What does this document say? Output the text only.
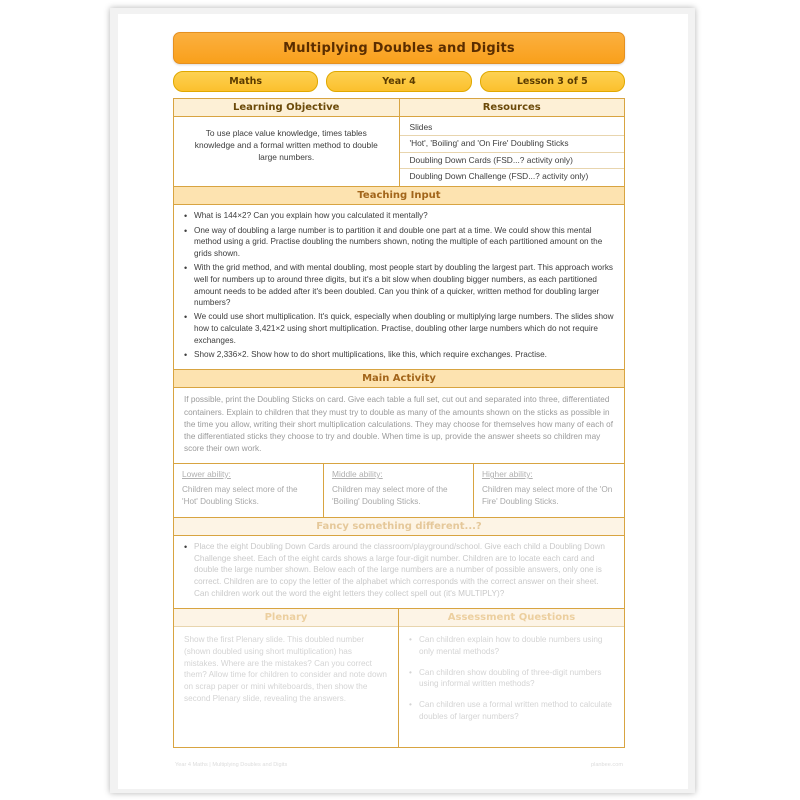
Multiplying Doubles and Digits
Maths	Year 4	Lesson 3 of 5
Learning Objective
To use place value knowledge, times tables knowledge and a formal written method to double large numbers.
Resources
Slides
'Hot', 'Boiling' and 'On Fire' Doubling Sticks
Doubling Down Cards (FSD...? activity only)
Doubling Down Challenge (FSD...? activity only)
Teaching Input
• What is 144×2? Can you explain how you calculated it mentally?
• One way of doubling a large number is to partition it and double one part at a time. We could show this mental method using a grid. Practise doubling the numbers shown, noting the multiple of each partitioned amount on the grids shown.
• With the grid method, and with mental doubling, most people start by doubling the largest part. This approach works well for numbers up to around three digits, but it's a bit slow when doubling bigger numbers, as each partitioned amount needs to be added after it's been doubled. Can you think of a quicker, written method for doubling larger numbers?
• We could use short multiplication. It's quick, especially when doubling or multiplying large numbers. The slides show how to calculate 3,421×2 using short multiplication. Practise, doubling other large numbers which do not require exchanges.
• Show 2,336×2. Show how to do short multiplications, like this, which require exchanges. Practise.
Main Activity
If possible, print the Doubling Sticks on card. Give each table a full set, cut out and separated into three, differentiated containers. Explain to children that they must try to double as many of the amounts shown on the sticks as possible in the time you allow, writing their short multiplication calculations. They may choose for themselves how many of each of the differentiated sticks they choose to try and double. When time is up, provide the answer sheets so children may score their own work.
Lower ability:
Children may select more of the 'Hot' Doubling Sticks.
Middle ability:
Children may select more of the 'Boiling' Doubling Sticks.
Higher ability:
Children may select more of the 'On Fire' Doubling Sticks.
Fancy something different...?
• Place the eight Doubling Down Cards around the classroom/playground/school. Give each child a Doubling Down Challenge sheet. Each of the eight cards shows a large four-digit number. Children are to locate each card and double the large number shown. Below each of the large numbers are a number of possible answers, only one is correct. Children are to copy the letter of the alphabet which corresponds with the correct answer on their sheet. Can children work out the word the eight letters they collect spell out (it's MULTIPLY)?
Plenary
Show the first Plenary slide. This doubled number (shown doubled using short multiplication) has mistakes. Where are the mistakes? Can you correct them? Allow time for children to consider and note down on scrap paper or mini whiteboards, then show the second Plenary slide, revealing the answers.
Assessment Questions
• Can children explain how to double numbers using only mental methods?
• Can children show doubling of three-digit numbers using informal written methods?
• Can children use a formal written method to calculate doubles of larger numbers?
Year 4 Maths | Multiplying Doubles and Digits	planbee.com
